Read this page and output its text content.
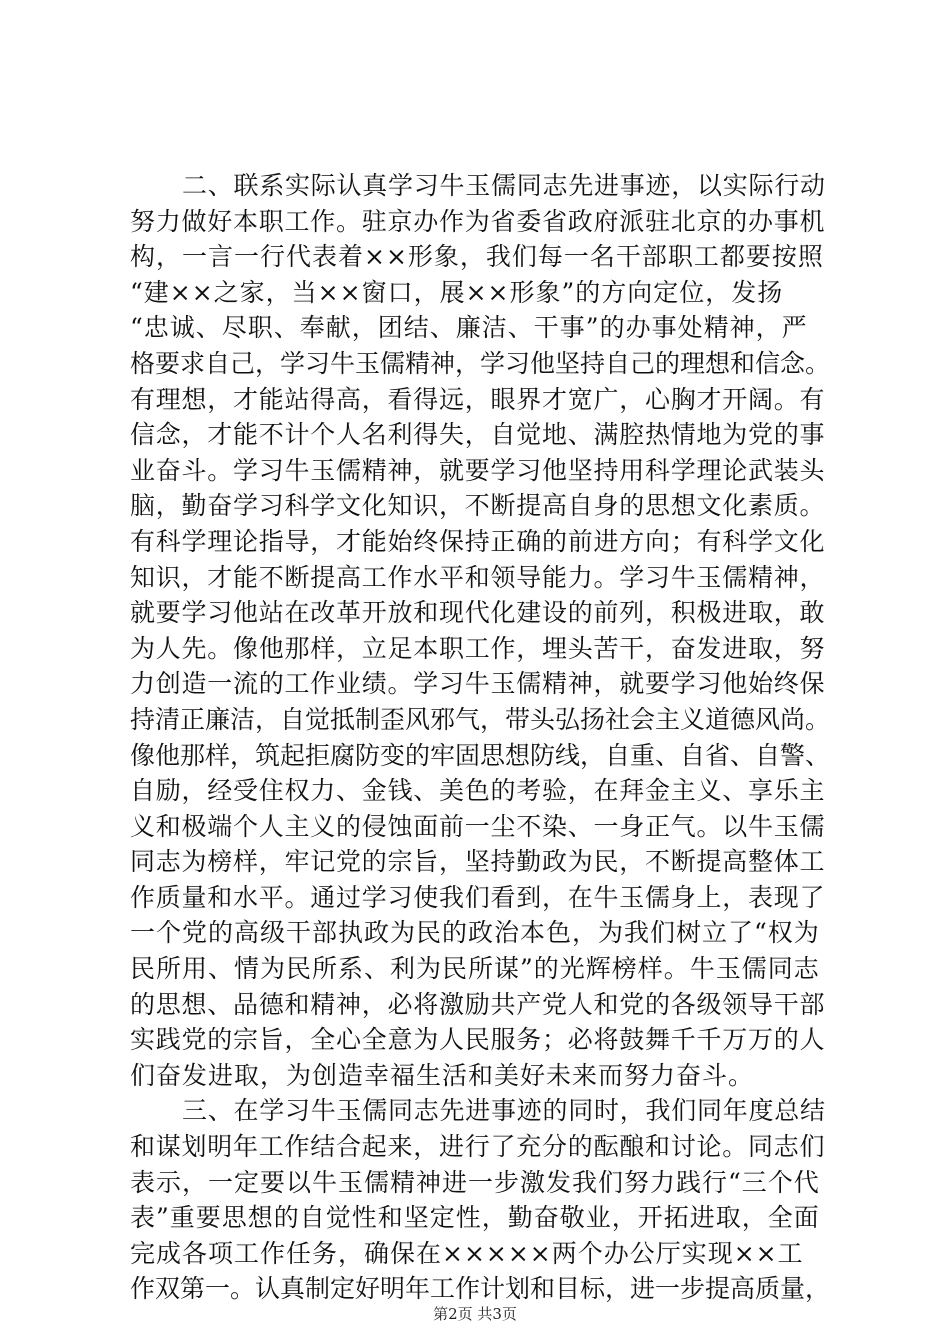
二、联系实际认真学习牛玉儒同志先进事迹，以实际行动
努力做好本职工作。驻京办作为省委省政府派驻北京的办事机
构，一言一行代表着××形象，我们每一名干部职工都要按照
“建××之家，当××窗口，展××形象”的方向定位，发扬
“忠诚、尽职、奉献，团结、廉洁、干事”的办事处精神，严
格要求自己，学习牛玉儒精神，学习他坚持自己的理想和信念。
有理想，才能站得高，看得远，眼界才宽广，心胸才开阔。有
信念，才能不计个人名利得失，自觉地、满腔热情地为党的事
业奋斗。学习牛玉儒精神，就要学习他坚持用科学理论武装头
脑，勤奋学习科学文化知识，不断提高自身的思想文化素质。
有科学理论指导，才能始终保持正确的前进方向；有科学文化
知识，才能不断提高工作水平和领导能力。学习牛玉儒精神，
就要学习他站在改革开放和现代化建设的前列，积极进取，敢
为人先。像他那样，立足本职工作，埋头苦干，奋发进取，努
力创造一流的工作业绩。学习牛玉儒精神，就要学习他始终保
持清正廉洁，自觉抵制歪风邪气，带头弘扬社会主义道德风尚。
像他那样，筑起拒腐防变的牢固思想防线，自重、自省、自警、
自励，经受住权力、金钱、美色的考验，在拜金主义、享乐主
义和极端个人主义的侵蚀面前一尘不染、一身正气。以牛玉儒
同志为榜样，牢记党的宗旨，坚持勤政为民，不断提高整体工
作质量和水平。通过学习使我们看到，在牛玉儒身上，表现了
一个党的高级干部执政为民的政治本色，为我们树立了“权为
民所用、情为民所系、利为民所谋”的光辉榜样。牛玉儒同志
的思想、品德和精神，必将激励共产党人和党的各级领导干部
实践党的宗旨，全心全意为人民服务；必将鼓舞千千万万的人
们奋发进取，为创造幸福生活和美好未来而努力奋斗。
三、在学习牛玉儒同志先进事迹的同时，我们同年度总结
和谋划明年工作结合起来，进行了充分的酝酿和讨论。同志们
表示，一定要以牛玉儒精神进一步激发我们努力践行“三个代
表”重要思想的自觉性和坚定性，勤奋敬业，开拓进取，全面
完成各项工作任务，确保在×××××两个办公厅实现××工
作双第一。认真制定好明年工作计划和目标，进一步提高质量，
第2页 共3页
